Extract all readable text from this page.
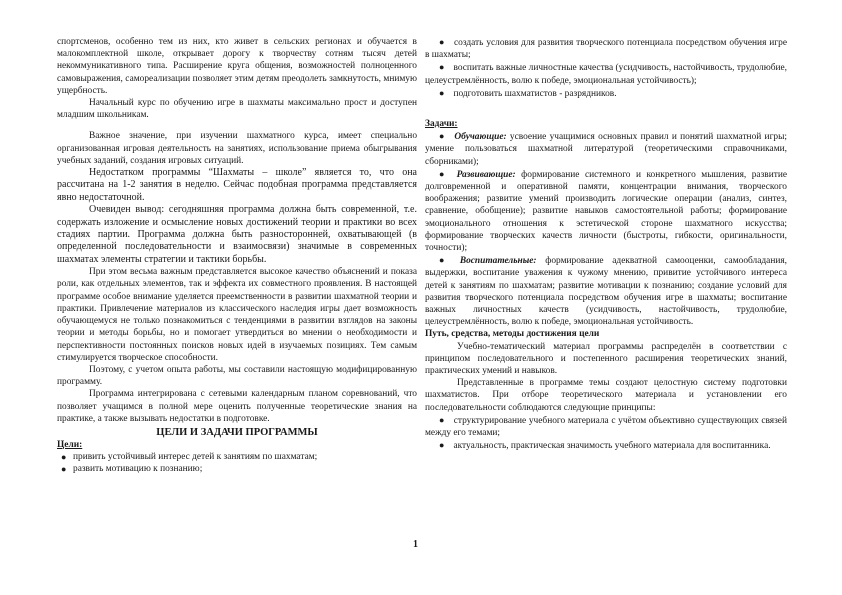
спортсменов, особенно тем из них, кто живет в сельских регионах и обучается в малокомплектной школе, открывает дорогу к творчеству сотням тысяч детей некоммуникативного типа. Расширение круга общения, возможностей полноценного самовыражения, самореализации позволяет этим детям преодолеть замкнутость, мнимую ущербность.

Начальный курс по обучению игре в шахматы максимально прост и доступен младшим школьникам.

Важное значение, при изучении шахматного курса, имеет специально организованная игровая деятельность на занятиях, использование приема обыгрывания учебных заданий, создания игровых ситуаций.

Недостатком программы “Шахматы – школе” является то, что она рассчитана на 1-2 занятия в неделю. Сейчас подобная программа представляется явно недостаточной.

Очевиден вывод: сегодняшняя программа должна быть современной, т.е. содержать изложение и осмысление новых достижений теории и практики во всех стадиях партии. Программа должна быть разносторонней, охватывающей (в определенной последовательности и взаимосвязи) значимые в современных шахматах элементы стратегии и тактики борьбы.

При этом весьма важным представляется высокое качество объяснений и показа роли, как отдельных элементов, так и эффекта их совместного проявления. В настоящей программе особое внимание уделяется преемственности в развитии шахматной теории и практики. Привлечение материалов из классического наследия игры дает возможность обучающемуся не только познакомиться с тенденциями в развитии взглядов на законы теории и методы борьбы, но и помогает утвердиться во мнении о необходимости и перспективности постоянных поисков новых идей в изучаемых позициях. Тем самым стимулируется творческое способности.

Поэтому, с учетом опыта работы, мы составили настоящую модифицированную программу.

Программа интегрирована с сетевыми календарным планом соревнований, что позволяет учащимся в полной мере оценить полученные теоретические знания на практике, а также вызывать недостатки в подготовке.

ЦЕЛИ И ЗАДАЧИ ПРОГРАММЫ

Цели:

● привить устойчивый интерес детей к занятиям по шахматам;
● развить мотивацию к познанию;
● создать условия для развития творческого потенциала посредством обучения игре в шахматы;
● воспитать важные личностные качества (усидчивость, настойчивость, трудолюбие, целеустремлённость, волю к победе, эмоциональная устойчивость);
● подготовить шахматистов - разрядников.

Задачи:

● Обучающие: усвоение учащимися основных правил и понятий шахматной игры; умение пользоваться шахматной литературой (теоретическими справочниками, сборниками);
● Развивающие: формирование системного и конкретного мышления, развитие долговременной и оперативной памяти, концентрации внимания, творческого воображения; развитие умений производить логические операции (анализ, синтез, сравнение, обобщение); развитие навыков самостоятельной работы; формирование эмоционального отношения к эстетической стороне шахматного искусства; формирование творческих качеств личности (быстроты, гибкости, оригинальности, точности);
● Воспитательные: формирование адекватной самооценки, самообладания, выдержки, воспитание уважения к чужому мнению, привитие устойчивого интереса детей к занятиям по шахматам; развитие мотивации к познанию; создание условий для развития творческого потенциала посредством обучения игре в шахматы; воспитание важных личностных качеств (усидчивость, настойчивость, трудолюбие, целеустремлённость, волю к победе, эмоциональная устойчивость.

Путь, средства, методы достижения цели

Учебно-тематический материал программы распределён в соответствии с принципом последовательного и постепенного расширения теоретических знаний, практических умений и навыков.

Представленные в программе темы создают целостную систему подготовки шахматистов. При отборе теоретического материала и установлении его последовательности соблюдаются следующие принципы:

● структурирование учебного материала с учётом объективно существующих связей между его темами;
● актуальность, практическая значимость учебного материала для воспитанника.
1
